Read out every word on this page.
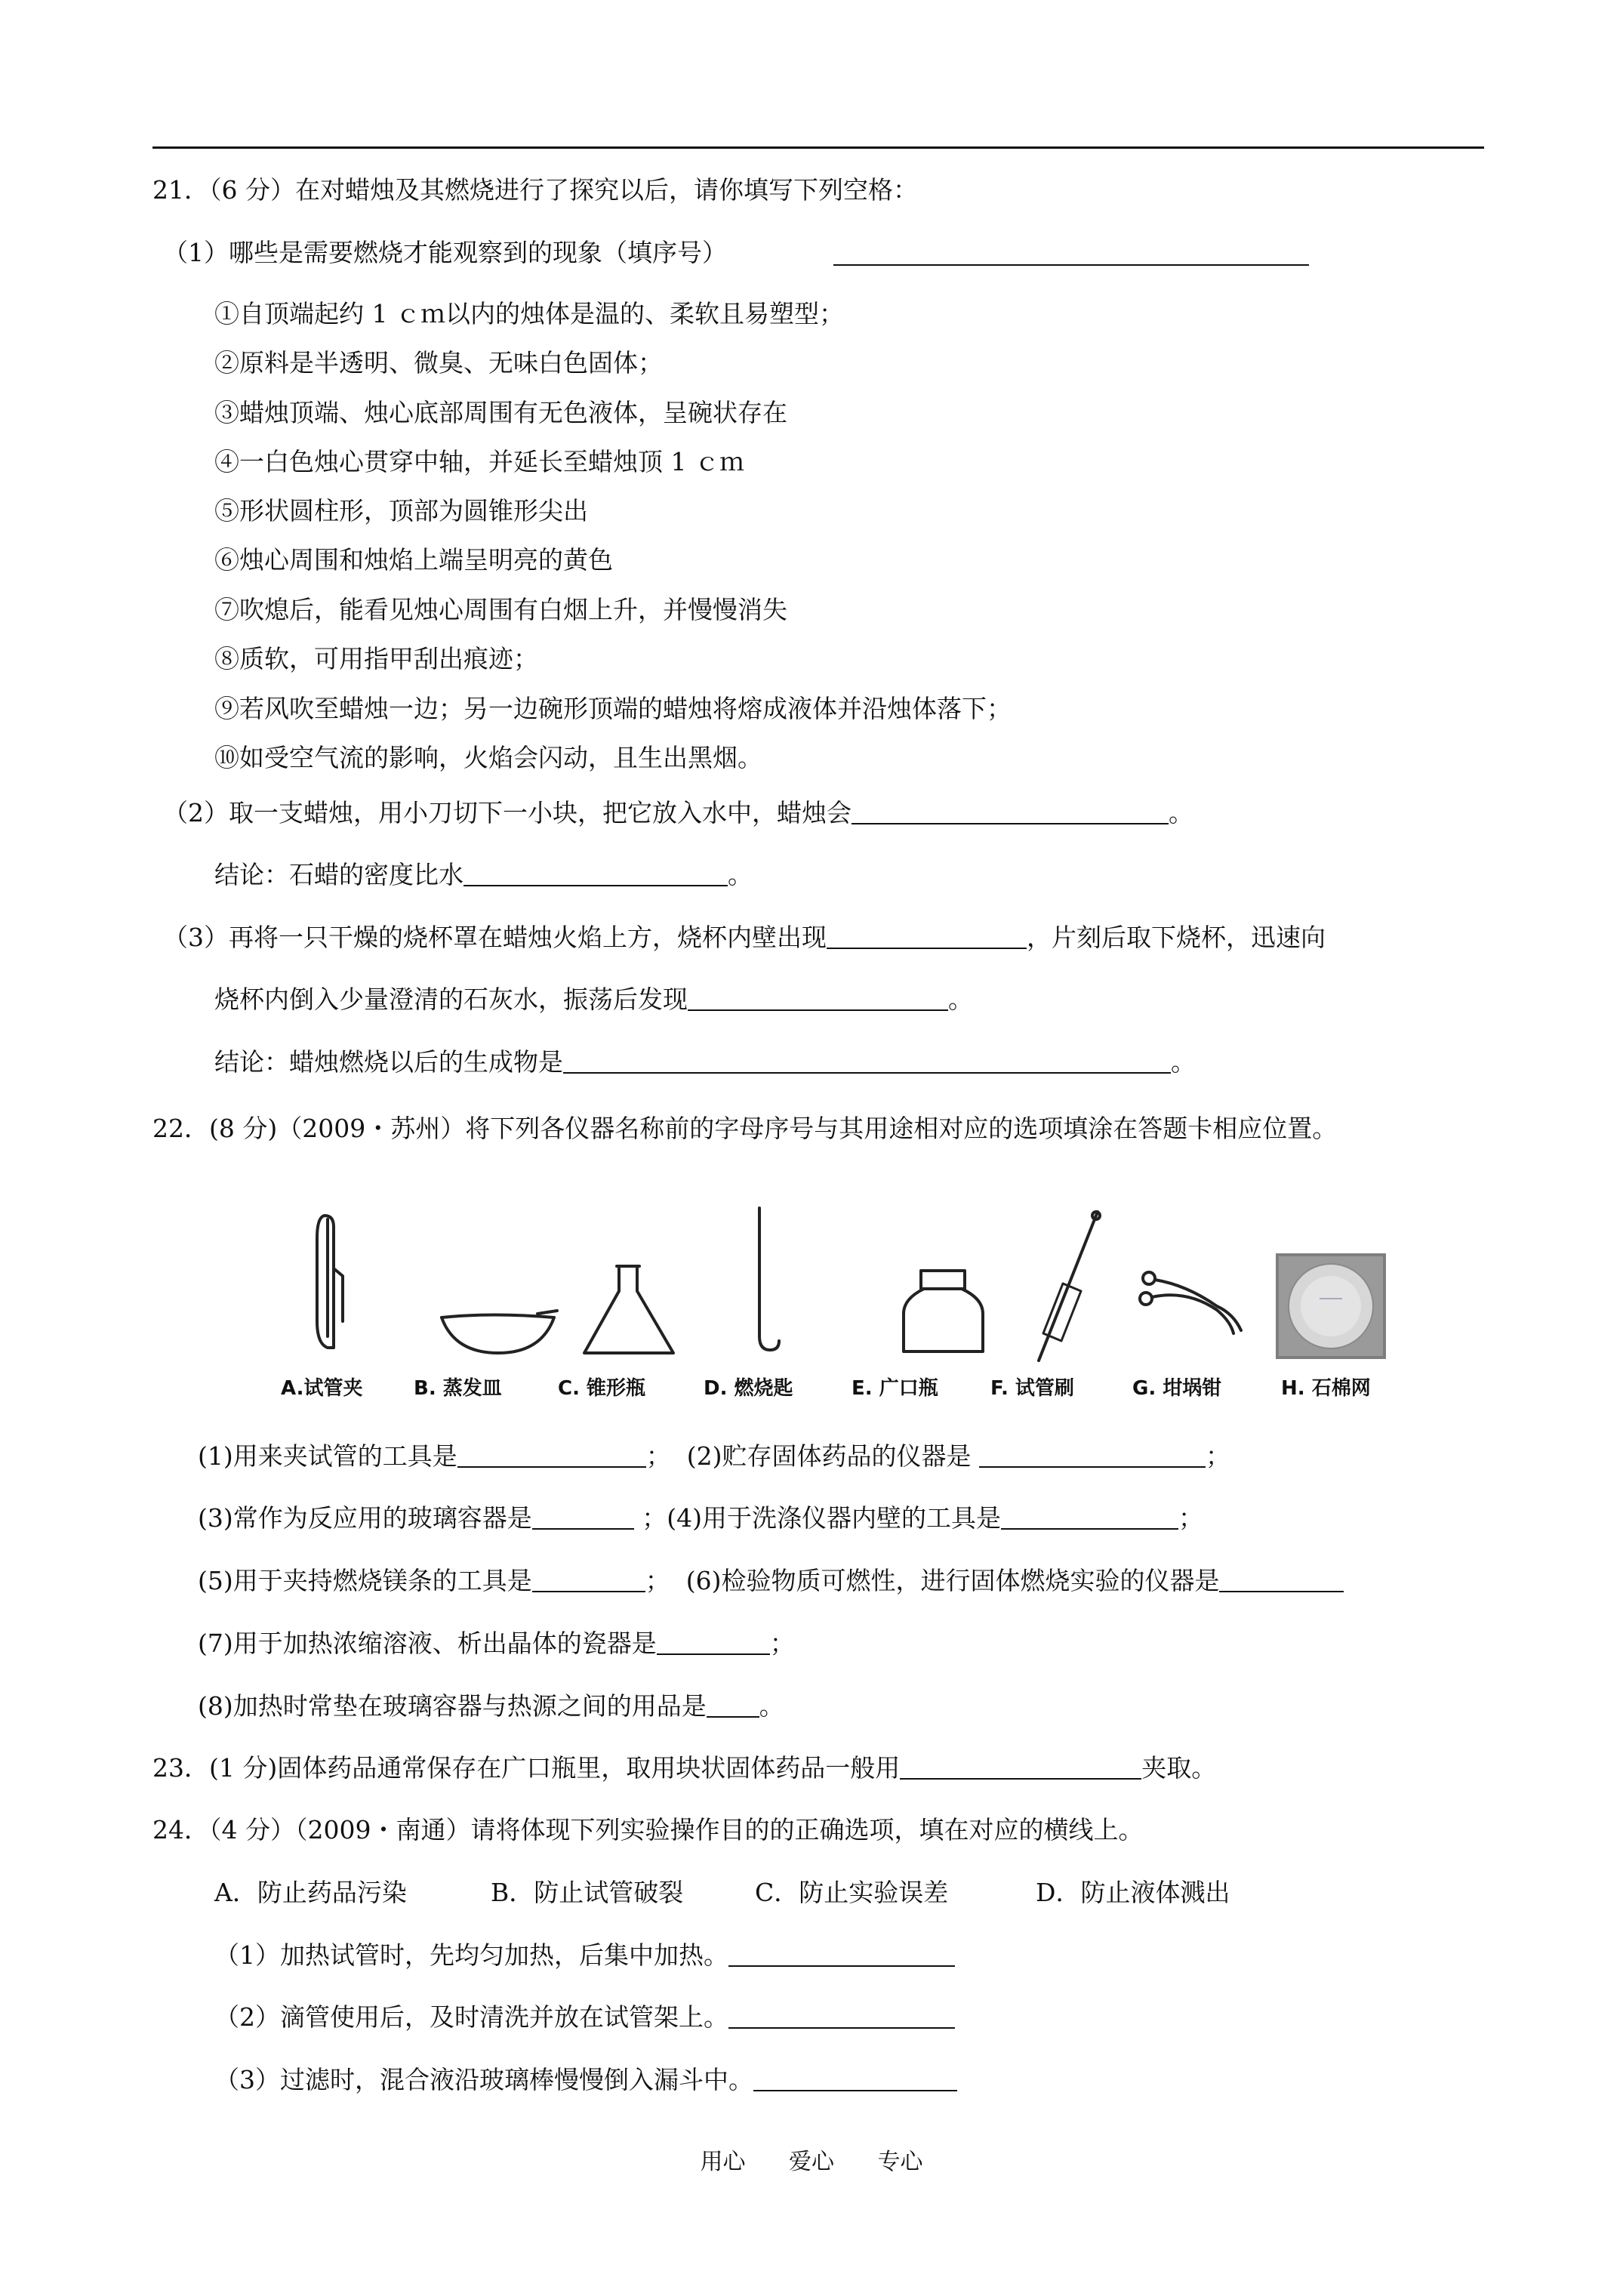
21．（6 分）在对蜡烛及其燃烧进行了探究以后，请你填写下列空格：
（1）哪些是需要燃烧才能观察到的现象（填序号）
①自顶端起约 1 ｃｍ以内的烛体是温的、柔软且易塑型；
②原料是半透明、微臭、无味白色固体；
③蜡烛顶端、烛心底部周围有无色液体，呈碗状存在
④一白色烛心贯穿中轴，并延长至蜡烛顶 1 ｃｍ
⑤形状圆柱形，顶部为圆锥形尖出
⑥烛心周围和烛焰上端呈明亮的黄色
⑦吹熄后，能看见烛心周围有白烟上升，并慢慢消失
⑧质软，可用指甲刮出痕迹；
⑨若风吹至蜡烛一边；另一边碗形顶端的蜡烛将熔成液体并沿烛体落下；
⑩如受空气流的影响，火焰会闪动，且生出黑烟。
（2）取一支蜡烛，用小刀切下一小块，把它放入水中，蜡烛会	。
结论：石蜡的密度比水	。
（3）再将一只干燥的烧杯罩在蜡烛火焰上方，烧杯内壁出现	，片刻后取下烧杯，迅速向
烧杯内倒入少量澄清的石灰水，振荡后发现	。
结论：蜡烛燃烧以后的生成物是	。
22．(8 分)（2009・苏州）将下列各仪器名称前的字母序号与其用途相对应的选项填涂在答题卡相应位置。
A.试管夹	B. 蒸发皿	C. 锥形瓶	D. 燃烧匙	E. 广口瓶	F. 试管刷	G. 坩埚钳	H. 石棉网
(1)用来夹试管的工具是	；  (2)贮存固体药品的仪器是	；
(3)常作为反应用的玻璃容器是	；(4)用于洗涤仪器内壁的工具是	；
(5)用于夹持燃烧镁条的工具是	；  (6)检验物质可燃性，进行固体燃烧实验的仪器是
(7)用于加热浓缩溶液、析出晶体的瓷器是	；
(8)加热时常垫在玻璃容器与热源之间的用品是 。
23．(1 分)固体药品通常保存在广口瓶里，取用块状固体药品一般用	夹取。
24．（4 分）（2009・南通）请将体现下列实验操作目的的正确选项，填在对应的横线上。
A．防止药品污染	B．防止试管破裂	C．防止实验误差	D．防止液体溅出
（1）加热试管时，先均匀加热，后集中加热。
（2）滴管使用后，及时清洗并放在试管架上。
（3）过滤时，混合液沿玻璃棒慢慢倒入漏斗中。
用心 爱心 专心
